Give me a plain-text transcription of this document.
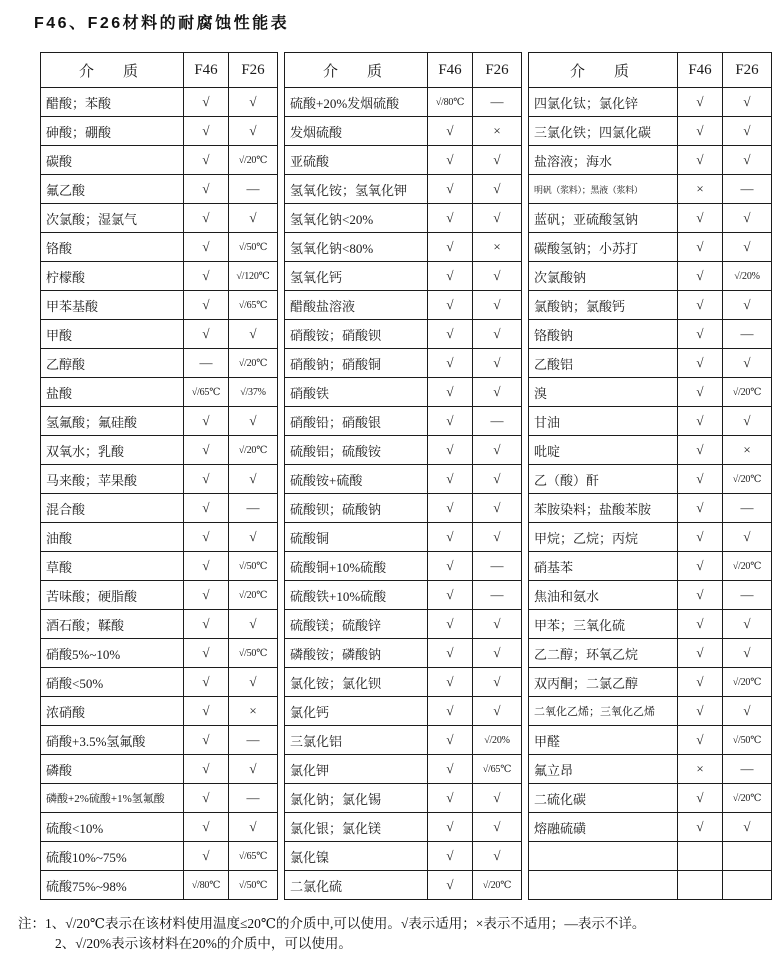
F46、F26材料的耐腐蚀性能表
介　质	F46	F26
醋酸；苯酸	√	√
砷酸；硼酸	√	√
碳酸	√	√/20℃
氟乙酸	√	—
次氯酸；湿氯气	√	√
铬酸	√	√/50℃
柠檬酸	√	√/120℃
甲苯基酸	√	√/65℃
甲酸	√	√
乙醇酸	—	√/20℃
盐酸	√/65℃	√/37%
氢氟酸；氟硅酸	√	√
双氧水；乳酸	√	√/20℃
马来酸；苹果酸	√	√
混合酸	√	—
油酸	√	√
草酸	√	√/50℃
苦味酸；硬脂酸	√	√/20℃
酒石酸；鞣酸	√	√
硝酸5%~10%	√	√/50℃
硝酸<50%	√	√
浓硝酸	√	×
硝酸+3.5%氢氟酸	√	—
磷酸	√	√
磷酸+2%硫酸+1%氢氟酸	√	—
硫酸<10%	√	√
硫酸10%~75%	√	√/65℃
硫酸75%~98%	√/80℃	√/50℃
介　质	F46	F26
硫酸+20%发烟硫酸	√/80℃	—
发烟硫酸	√	×
亚硫酸	√	√
氢氧化铵；氢氧化钾	√	√
氢氧化钠<20%	√	√
氢氧化钠<80%	√	×
氢氧化钙	√	√
醋酸盐溶液	√	√
硝酸铵；硝酸钡	√	√
硝酸钠；硝酸铜	√	√
硝酸铁	√	√
硝酸铅；硝酸银	√	—
硫酸铝；硫酸铵	√	√
硫酸铵+硫酸	√	√
硫酸钡；硫酸钠	√	√
硫酸铜	√	√
硫酸铜+10%硫酸	√	—
硫酸铁+10%硫酸	√	—
硫酸镁；硫酸锌	√	√
磷酸铵；磷酸钠	√	√
氯化铵；氯化钡	√	√
氯化钙	√	√
三氯化铝	√	√/20%
氯化钾	√	√/65℃
氯化钠；氯化锡	√	√
氯化银；氯化镁	√	√
氯化镍	√	√
二氯化硫	√	√/20℃
介　质	F46	F26
四氯化钛；氯化锌	√	√
三氯化铁；四氯化碳	√	√
盐溶液；海水	√	√
明矾（浆料）；黑液（浆料）	×	—
蓝矾；亚硫酸氢钠	√	√
碳酸氢钠；小苏打	√	√
次氯酸钠	√	√/20%
氯酸钠；氯酸钙	√	√
铬酸钠	√	—
乙酸铝	√	√
溴	√	√/20℃
甘油	√	√
吡啶	√	×
乙（酸）酐	√	√/20℃
苯胺染料；盐酸苯胺	√	—
甲烷；乙烷；丙烷	√	√
硝基苯	√	√/20℃
焦油和氨水	√	—
甲苯；三氧化硫	√	√
乙二醇；环氧乙烷	√	√
双丙酮；二氯乙醇	√	√/20℃
二氧化乙烯；三氧化乙烯	√	√
甲醛	√	√/50℃
氟立昂	×	—
二硫化碳	√	√/20℃
熔融硫磺	√	√

注：1、√/20℃表示在该材料使用温度≤20℃的介质中,可以使用。√表示适用；×表示不适用；—表示不详。
2、√/20%表示该材料在20%的介质中，可以使用。
